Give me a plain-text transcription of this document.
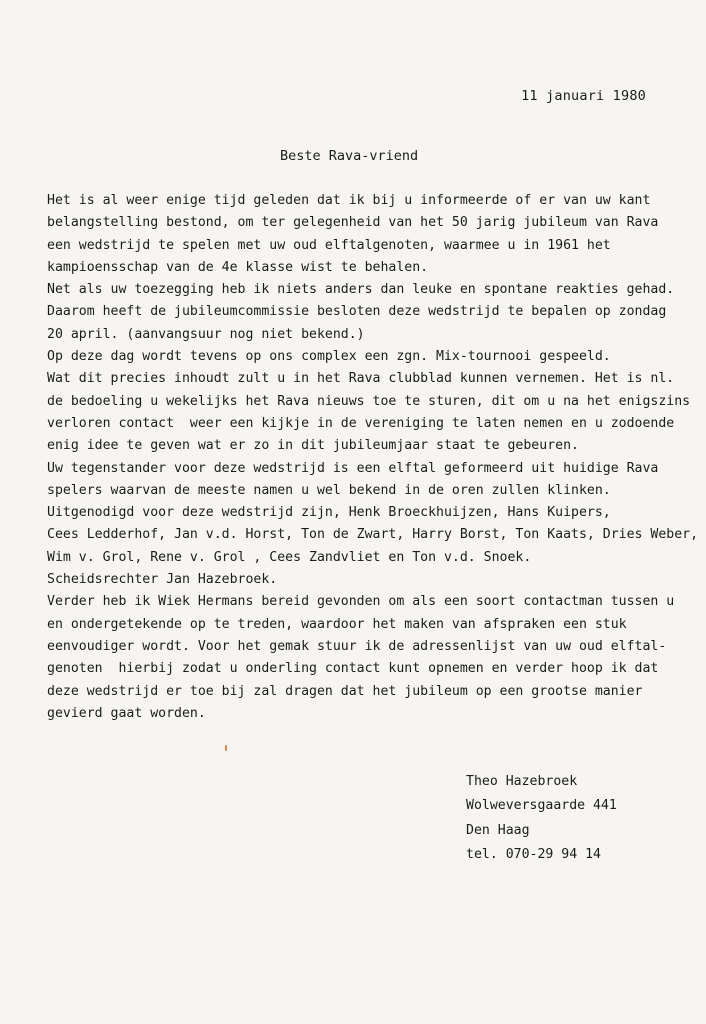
11 januari 1980
Beste Rava-vriend
Het is al weer enige tijd geleden dat ik bij u informeerde of er van uw kant
belangstelling bestond, om ter gelegenheid van het 50 jarig jubileum van Rava
een wedstrijd te spelen met uw oud elftalgenoten, waarmee u in 1961 het
kampioensschap van de 4e klasse wist te behalen.
Net als uw toezegging heb ik niets anders dan leuke en spontane reakties gehad.
Daarom heeft de jubileumcommissie besloten deze wedstrijd te bepalen op zondag
20 april. (aanvangsuur nog niet bekend.)
Op deze dag wordt tevens op ons complex een zgn. Mix-tournooi gespeeld.
Wat dit precies inhoudt zult u in het Rava clubblad kunnen vernemen. Het is nl.
de bedoeling u wekelijks het Rava nieuws toe te sturen, dit om u na het enigszins
verloren contact  weer een kijkje in de vereniging te laten nemen en u zodoende
enig idee te geven wat er zo in dit jubileumjaar staat te gebeuren.
Uw tegenstander voor deze wedstrijd is een elftal geformeerd uit huidige Rava
spelers waarvan de meeste namen u wel bekend in de oren zullen klinken.
Uitgenodigd voor deze wedstrijd zijn, Henk Broeckhuijzen, Hans Kuipers,
Cees Ledderhof, Jan v.d. Horst, Ton de Zwart, Harry Borst, Ton Kaats, Dries Weber,
Wim v. Grol, Rene v. Grol , Cees Zandvliet en Ton v.d. Snoek.
Scheidsrechter Jan Hazebroek.
Verder heb ik Wiek Hermans bereid gevonden om als een soort contactman tussen u
en ondergetekende op te treden, waardoor het maken van afspraken een stuk
eenvoudiger wordt. Voor het gemak stuur ik de adressenlijst van uw oud elftal-
genoten  hierbij zodat u onderling contact kunt opnemen en verder hoop ik dat
deze wedstrijd er toe bij zal dragen dat het jubileum op een grootse manier
gevierd gaat worden.
Theo Hazebroek
Wolweversgaarde 441
Den Haag
tel. 070-29 94 14
